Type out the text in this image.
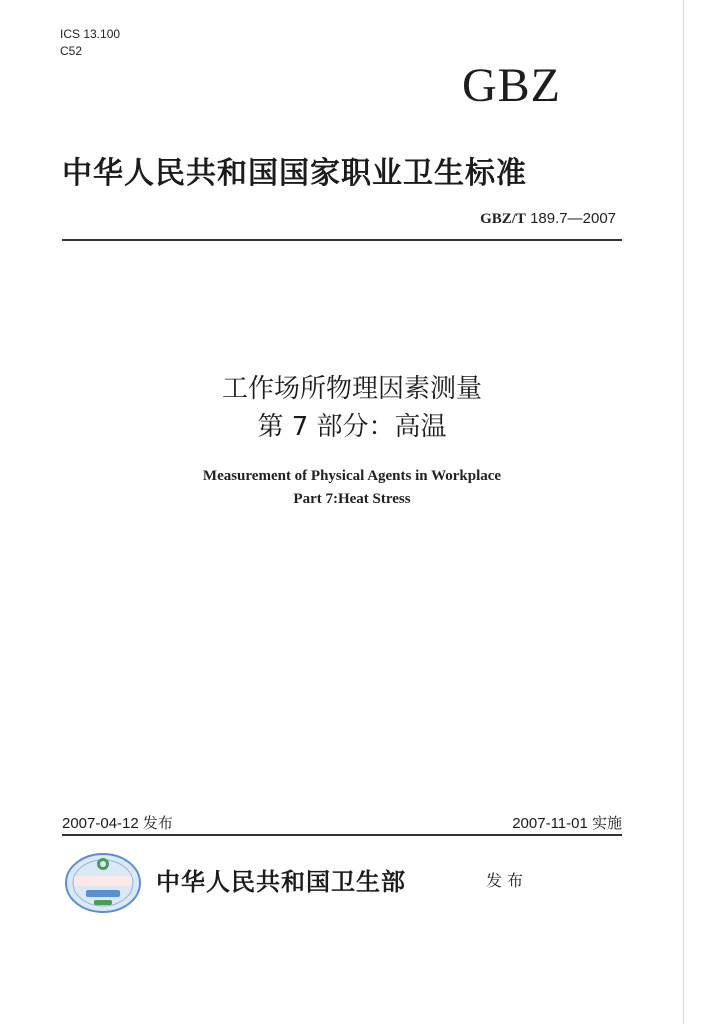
ICS 13.100
C52
GBZ
中华人民共和国国家职业卫生标准
GBZ/T 189.7—2007
工作场所物理因素测量
第 7 部分：高温
Measurement of Physical Agents in Workplace
Part 7:Heat Stress
2007-04-12 发布	2007-11-01 实施
中华人民共和国卫生部	发布
